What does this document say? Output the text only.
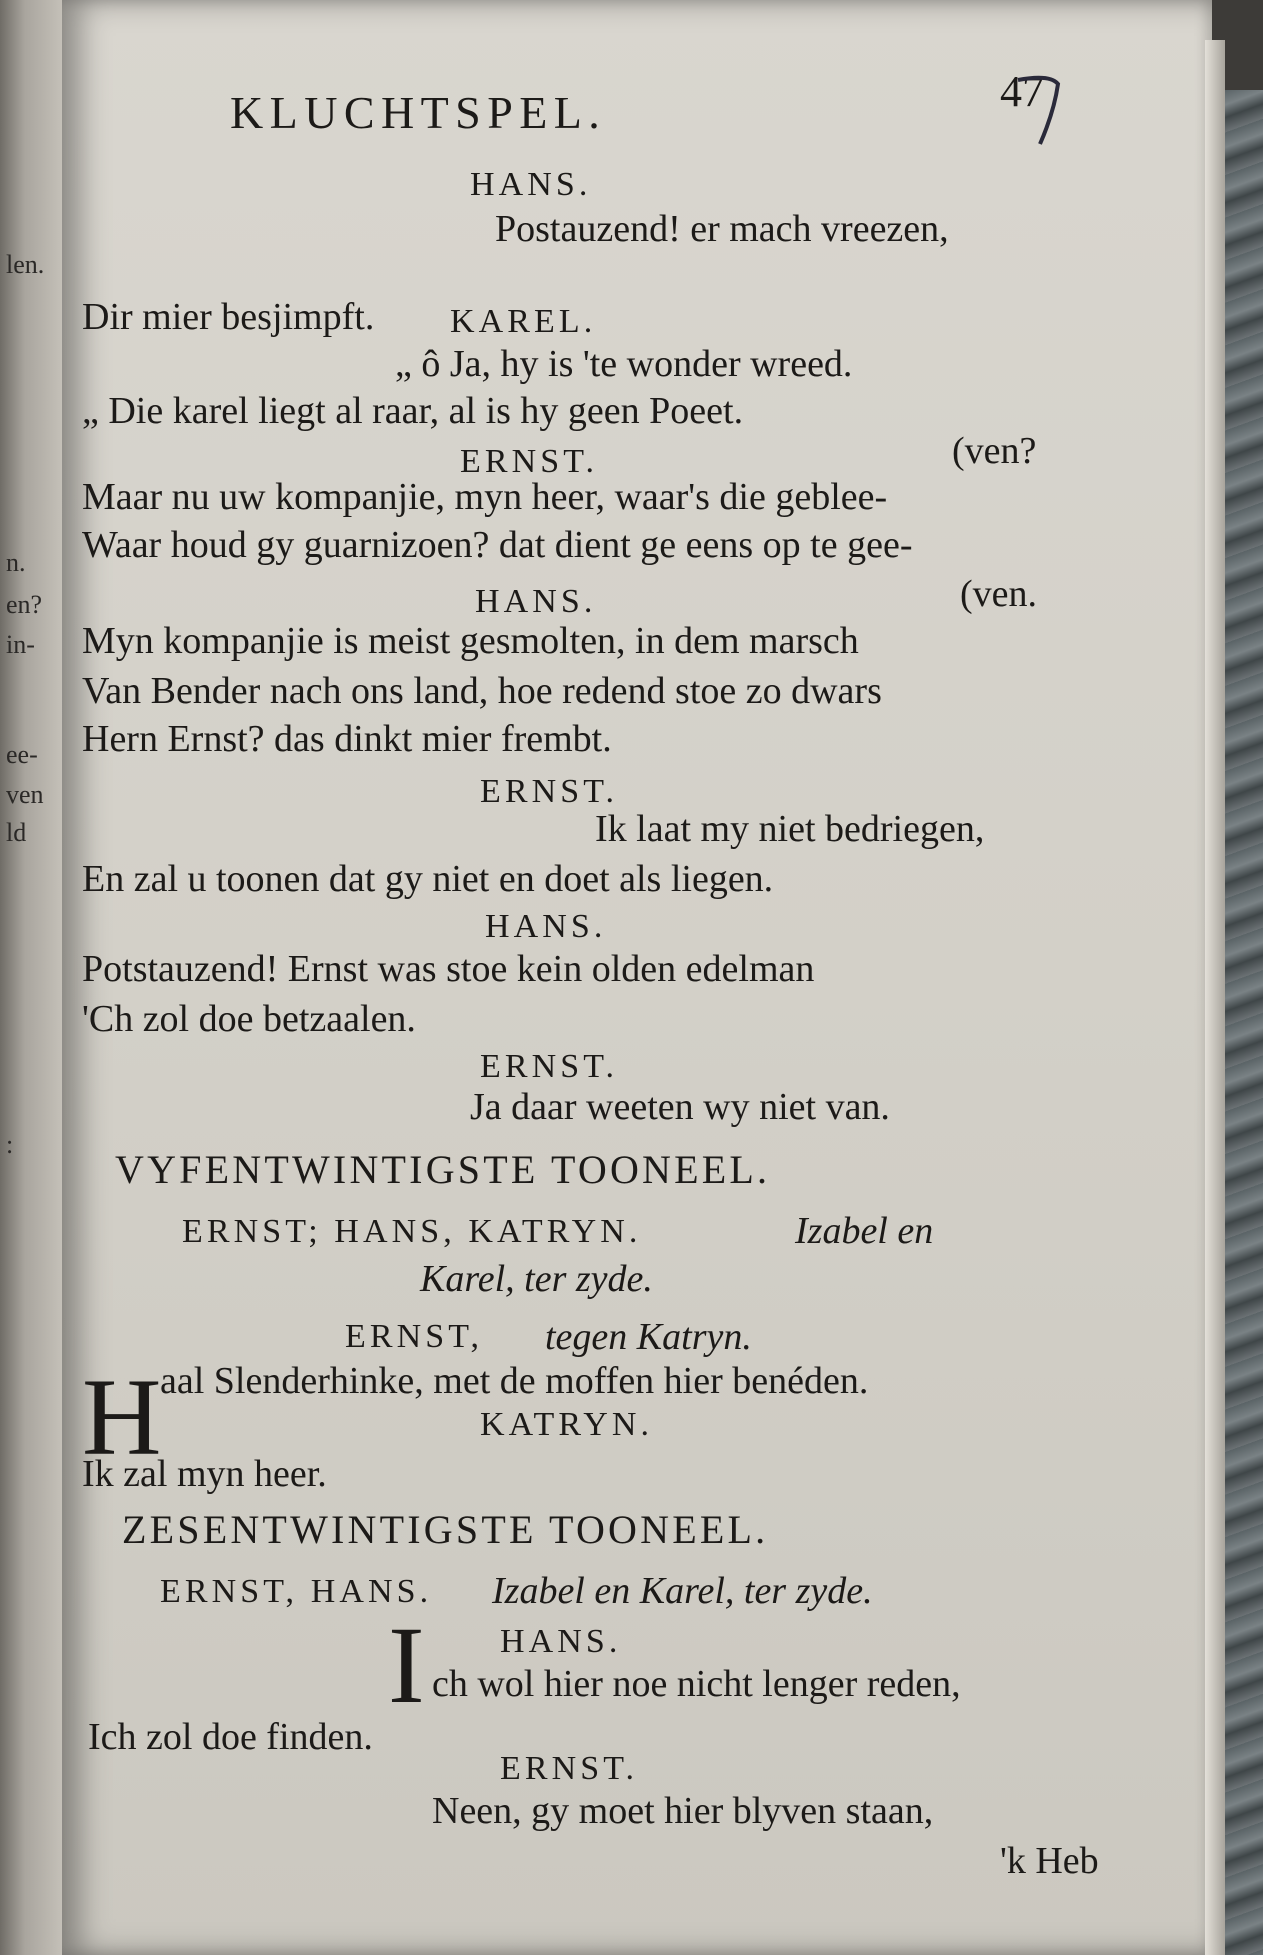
len.
n.
en?
in-
ee-
ven
ld
:
KLUCHTSPEL.	47
HANS.
Postauzend! er mach vreezen,
Dir mier besjimpft. KAREL.
„ ô Ja, hy is 'te wonder wreed.
„ Die karel liegt al raar, al is hy geen Poeet.
ERNST.	(ven?
Maar nu uw kompanjie, myn heer, waar's die geblee-
Waar houd gy guarnizoen? dat dient ge eens op te gee-
HANS.	(ven.
Myn kompanjie is meist gesmolten, in dem marsch
Van Bender nach ons land, hoe redend stoe zo dwars
Hern Ernst? das dinkt mier frembt.
ERNST.
Ik laat my niet bedriegen,
En zal u toonen dat gy niet en doet als liegen.
HANS.
Potstauzend! Ernst was stoe kein olden edelman
'Ch zol doe betzaalen.
ERNST.
Ja daar weeten wy niet van.
VYFENTWINTIGSTE TOONEEL.
ERNST; HANS, KATRYN.	Izabel en
Karel, ter zyde.
ERNST, tegen Katryn.
H
aal Slenderhinke, met de moffen hier benéden.
KATRYN.
Ik zal myn heer.
ZESENTWINTIGSTE TOONEEL.
ERNST, HANS. Izabel en Karel, ter zyde.
HANS.
I ch wol hier noe nicht lenger reden,
Ich zol doe finden.
ERNST.
Neen, gy moet hier blyven staan,
'k Heb
